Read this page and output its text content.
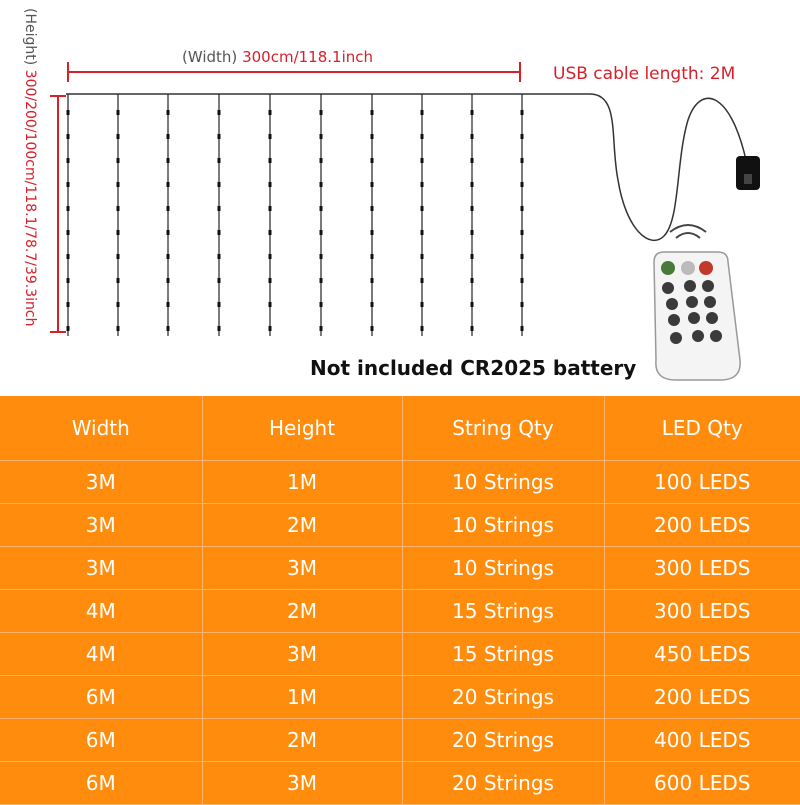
(Width) 300cm/118.1inch
(Height) 300/200/100cm/118.1/78.7/39.3inch	USB cable length: 2M
Not included CR2025 battery
Width	Height	String Qty	LED Qty
3M	1M	10 Strings	100 LEDS
3M	2M	10 Strings	200 LEDS
3M	3M	10 Strings	300 LEDS
4M	2M	15 Strings	300 LEDS
4M	3M	15 Strings	450 LEDS
6M	1M	20 Strings	200 LEDS
6M	2M	20 Strings	400 LEDS
6M	3M	20 Strings	600 LEDS
